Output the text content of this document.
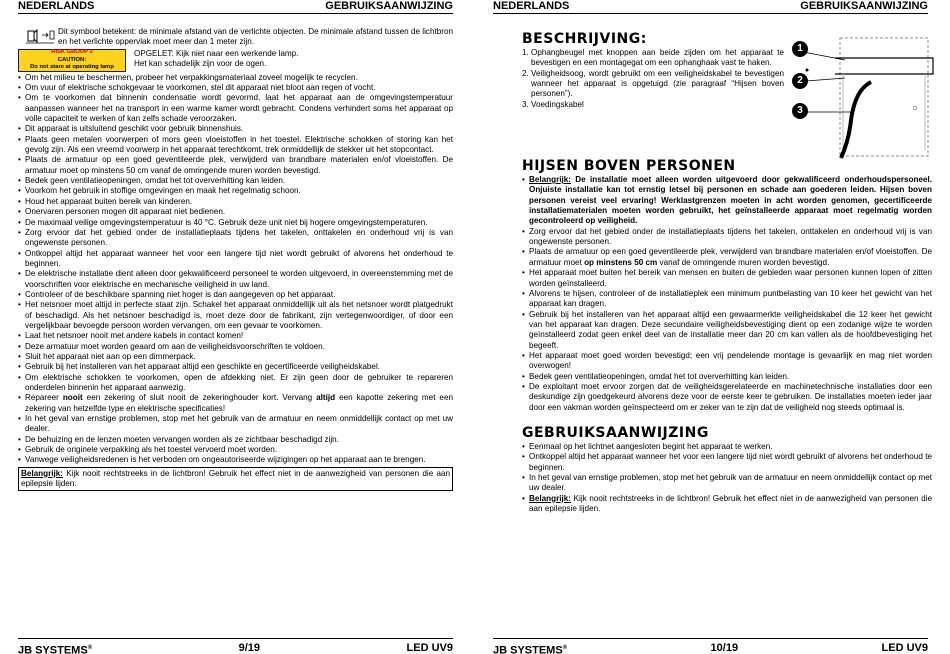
NEDERLANDS	GEBRUIKSAANWIJZING
Dit symbool betekent: de minimale afstand van de verlichte objecten. De minimale afstand tussen de lichtbron en het verlichte oppervlak moet meer dan 1 meter zijn.
RISK GROUP 2
CAUTION:
Do not stare at operating lamp
OPGELET: Kijk niet naar een werkende lamp.
Het kan schadelijk zijn voor de ogen.
• Om het milieu te beschermen, probeer het verpakkingsmateriaal zoveel mogelijk te recyclen.
• Om vuur of elektrische schokgevaar te voorkomen, stel dit apparaat niet bloot aan regen of vocht.
• Om te voorkomen dat binnenin condensatie wordt gevormd, laat het apparaat aan de omgevingstemperatuur aanpassen wanneer het na transport in een warme kamer wordt gebracht. Condens verhindert soms het apparaat op volle capaciteit te werken of kan zelfs schade veroorzaken.
• Dit apparaat is uitsluitend geschikt voor gebruik binnenshuis.
• Plaats geen metalen voorwerpen of mors geen vloeistoffen in het toestel. Elektrische schokken of storing kan het gevolg zijn. Als een vreemd voorwerp in het apparaat terechtkomt, trek onmiddellijk de stekker uit het stopcontact.
• Plaats de armatuur op een goed geventileerde plek, verwijderd van brandbare materialen en/of vloeistoffen. De armatuur moet op minstens 50 cm vanaf de omringende muren worden bevestigd.
• Bedek geen ventilatieopeningen, omdat het tot oververhitting kan leiden.
• Voorkom het gebruik in stoffige omgevingen en maak het regelmatig schoon.
• Houd het apparaat buiten bereik van kinderen.
• Onervaren personen mogen dit apparaat niet bedienen.
• De maximaal veilige omgevingstemperatuur is 40 °C. Gebruik deze unit niet bij hogere omgevingstemperaturen.
• Zorg ervoor dat het gebied onder de installatieplaats tijdens het takelen, onttakelen en onderhoud vrij is van ongewenste personen.
• Ontkoppel altijd het apparaat wanneer het voor een langere tijd niet wordt gebruikt of alvorens het onderhoud te beginnen.
• De elektrische installatie dient alleen door gekwalificeerd personeel te worden uitgevoerd, in overeenstemming met de voorschriften voor elektrische en mechanische veiligheid in uw land.
• Controleer of de beschikbare spanning niet hoger is dan aangegeven op het apparaat.
• Het netsnoer moet altijd in perfecte staat zijn. Schakel het apparaat onmiddellijk uit als het netsnoer wordt platgedrukt of beschadigd. Als het netsnoer beschadigd is, moet deze door de fabrikant, zijn vertegenwoordiger, of door een vergelijkbaar bevoegde persoon worden vervangen, om een gevaar te voorkomen.
• Laat het netsnoer nooit met andere kabels in contact komen!
• Deze armatuur moet worden geaard om aan de veiligheidsvoorschriften te voldoen.
• Sluit het apparaat niet aan op een dimmerpack.
• Gebruik bij het installeren van het apparaat altijd een geschikte en gecertificeerde veiligheidskabel.
• Om elektrische schokken te voorkomen, open de afdekking niet. Er zijn geen door de gebruiker te repareren onderdelen binnenin het apparaat aanwezig.
• Repareer nooit een zekering of sluit nooit de zekeringhouder kort. Vervang altijd een kapotte zekering met een zekering van hetzelfde type en elektrische specificaties!
• In het geval van ernstige problemen, stop met het gebruik van de armatuur en neem onmiddellijk contact op met uw dealer.
• De behuizing en de lenzen moeten vervangen worden als ze zichtbaar beschadigd zijn.
• Gebruik de originele verpakking als het toestel vervoerd moet worden.
• Vanwege veiligheidsredenen is het verboden om ongeautoriseerde wijzigingen op het apparaat aan te brengen.
Belangrijk: Kijk nooit rechtstreeks in de lichtbron! Gebruik het effect niet in de aanwezigheid van personen die aan epilepsie lijden.
JB SYSTEMS®	9/19	LED UV9
NEDERLANDS	GEBRUIKSAANWIJZING
JB SYSTEMS®	10/19	LED UV9
1
2
3
BESCHRIJVING:
1. Ophangbeugel met knoppen aan beide zijden om het apparaat te bevestigen en een montagegat om een ophanghaak vast te haken.
2. Veiligheidsoog, wordt gebruikt om een veiligheidskabel te bevestigen wanneer het apparaat is opgetuigd (zie paragraaf “Hijsen boven personen”).
3. Voedingskabel
HIJSEN BOVEN PERSONEN
• Belangrijk: De installatie moet alleen worden uitgevoerd door gekwalificeerd onderhoudspersoneel. Onjuiste installatie kan tot ernstig letsel bij personen en schade aan goederen leiden. Hijsen boven personen vereist veel ervaring! Werklastgrenzen moeten in acht worden genomen, gecertificeerde installatiematerialen moeten worden gebruikt, het geïnstalleerde apparaat moet regelmatig worden gecontroleerd op veiligheid.
• Zorg ervoor dat het gebied onder de installatieplaats tijdens het takelen, onttakelen en onderhoud vrij is van ongewenste personen.
• Plaats de armatuur op een goed geventileerde plek, verwijderd van brandbare materialen en/of vloeistoffen. De armatuur moet op minstens 50 cm vanaf de omringende muren worden bevestigd.
• Het apparaat moet buiten het bereik van mensen en buiten de gebieden waar personen kunnen lopen of zitten worden geïnstalleerd.
• Alvorens te hijsen, controleer of de installatieplek een minimum puntbelasting van 10 keer het gewicht van het apparaat kan dragen.
• Gebruik bij het installeren van het apparaat altijd een gewaarmerkte veiligheidskabel die 12 keer het gewicht van het apparaat kan dragen. Deze secundaire veiligheidsbevestiging dient op een zodanige wijze te worden geïnstalleerd zodat geen enkel deel van de installatie meer dan 20 cm kan vallen als de hoofdbevestiging het begeeft.
• Het apparaat moet goed worden bevestigd; een vrij pendelende montage is gevaarlijk en mag niet worden overwogen!
• Bedek geen ventilatieopeningen, omdat het tot oververhitting kan leiden.
• De exploitant moet ervoor zorgen dat de veiligheidsgerelateerde en machinetechnische installaties door een deskundige zijn goedgekeurd alvorens deze voor de eerste keer te gebruiken. De installaties moeten ieder jaar door een vakman worden geïnspecteerd om er zeker van te zijn dat de veiligheid nog steeds optimaal is.
GEBRUIKSAANWIJZING
• Eenmaal op het lichtnet aangesloten begint het apparaat te werken.
• Ontkoppel altijd het apparaat wanneer het voor een langere tijd niet wordt gebruikt of alvorens het onderhoud te beginnen.
• In het geval van ernstige problemen, stop met het gebruik van de armatuur en neem onmiddellijk contact op met uw dealer.
• Belangrijk: Kijk nooit rechtstreeks in de lichtbron! Gebruik het effect niet in de aanwezigheid van personen die aan epilepsie lijden.
